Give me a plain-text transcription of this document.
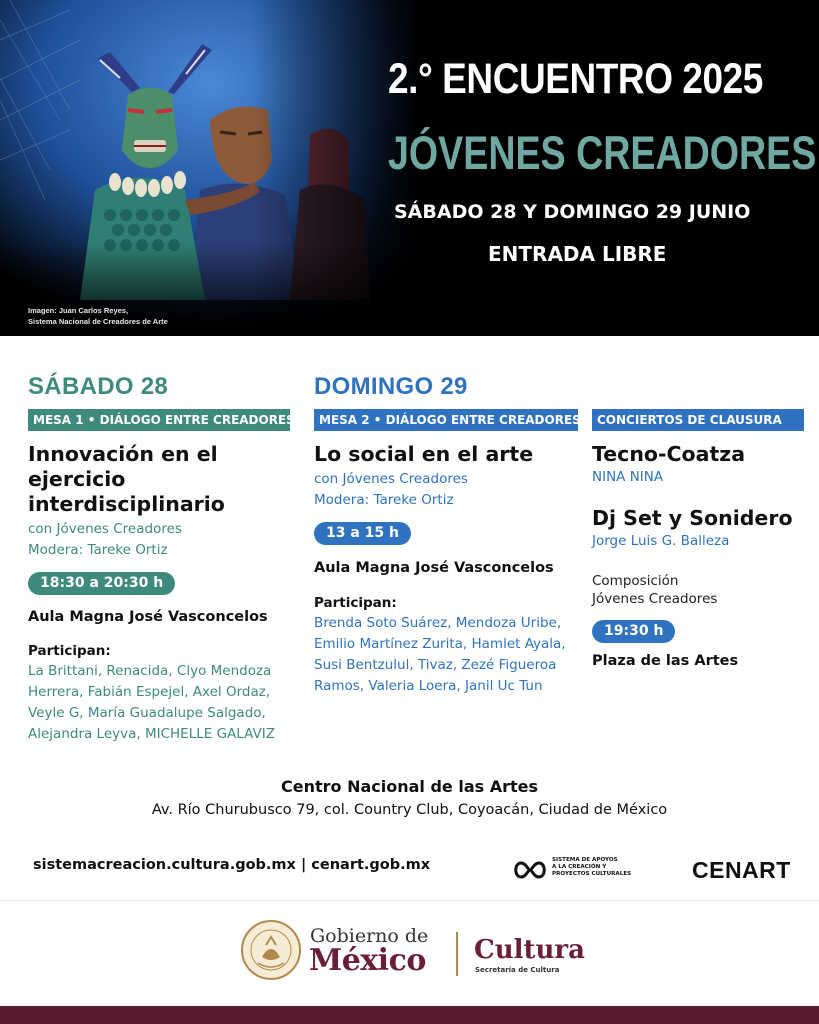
Imagen: Juan Carlos Reyes,
Sistema Nacional de Creadores de Arte
2.° ENCUENTRO 2025
JÓVENES CREADORES
SÁBADO 28 Y DOMINGO 29 JUNIO
ENTRADA LIBRE
SÁBADO 28
MESA 1 • DIÁLOGO ENTRE CREADORES
Innovación en el
ejercicio
interdisciplinario
con Jóvenes Creadores
Modera: Tareke Ortiz
18:30 a 20:30 h
Aula Magna José Vasconcelos
Participan:
La Brittani, Renacida, Clyo Mendoza
Herrera, Fabián Espejel, Axel Ordaz,
Veyle G, María Guadalupe Salgado,
Alejandra Leyva, MICHELLE GALAVIZ
DOMINGO 29
MESA 2 • DIÁLOGO ENTRE CREADORES
Lo social en el arte
con Jóvenes Creadores
Modera: Tareke Ortiz
13 a 15 h
Aula Magna José Vasconcelos
Participan:
Brenda Soto Suárez, Mendoza Uribe,
Emilio Martínez Zurita, Hamlet Ayala,
Susi Bentzulul, Tivaz, Zezé Figueroa
Ramos, Valeria Loera, Janil Uc Tun
CONCIERTOS DE CLAUSURA
Tecno-Coatza
NINA NINA
Dj Set y Sonidero
Jorge Luis G. Balleza
Composición
Jóvenes Creadores
19:30 h
Plaza de las Artes
Centro Nacional de las Artes
Av. Río Churubusco 79, col. Country Club, Coyoacán, Ciudad de México
sistemacreacion.cultura.gob.mx | cenart.gob.mx	SISTEMA DE APOYOS
A LA CREACIÓN Y
PROYECTOS CULTURALES	CENART
Gobierno de
México Cultura
Secretaría de Cultura
